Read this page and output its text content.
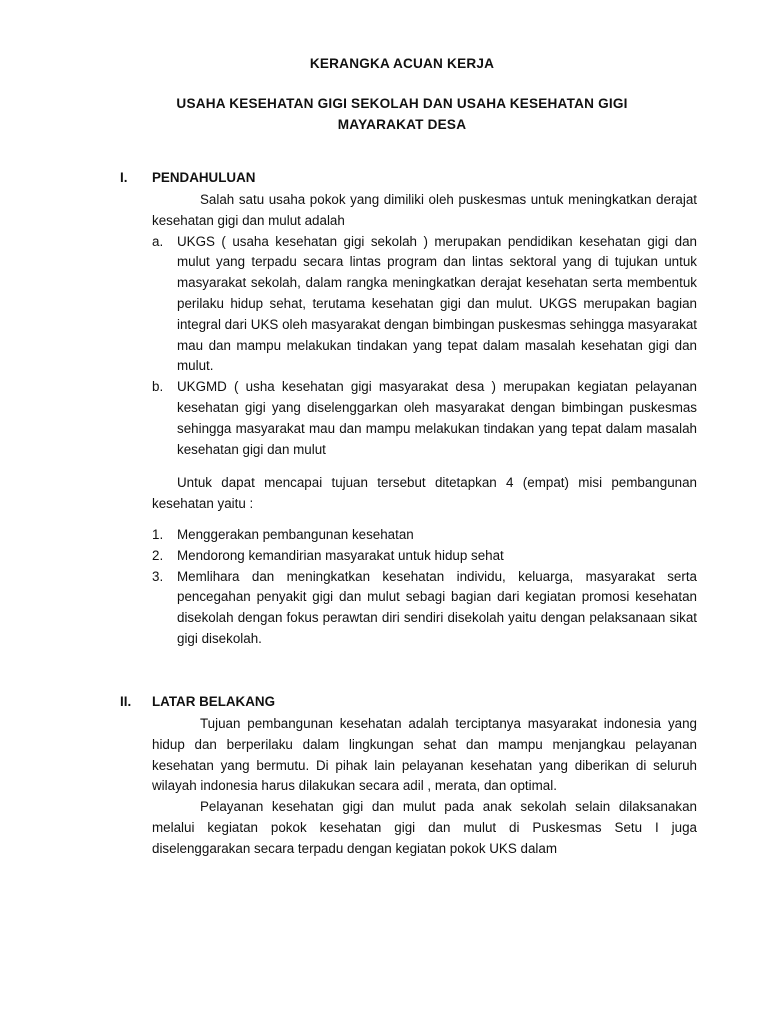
KERANGKA ACUAN KERJA

USAHA KESEHATAN GIGI SEKOLAH DAN USAHA KESEHATAN GIGI

MAYARAKAT DESA

I. PENDAHULUAN

Salah satu usaha pokok yang dimiliki oleh puskesmas untuk meningkatkan derajat kesehatan gigi dan mulut adalah

a.	UKGS ( usaha kesehatan gigi sekolah ) merupakan pendidikan kesehatan gigi dan mulut yang terpadu secara lintas program dan lintas sektoral yang di tujukan untuk masyarakat sekolah, dalam rangka meningkatkan derajat kesehatan serta membentuk perilaku hidup sehat, terutama kesehatan gigi dan mulut. UKGS merupakan bagian integral dari UKS oleh masyarakat dengan bimbingan puskesmas sehingga masyarakat mau dan mampu melakukan tindakan yang tepat dalam masalah kesehatan gigi dan mulut.
b.	UKGMD ( usha kesehatan gigi masyarakat desa ) merupakan kegiatan pelayanan kesehatan gigi yang diselenggarkan oleh masyarakat dengan bimbingan puskesmas sehingga masyarakat mau dan mampu melakukan tindakan yang tepat dalam masalah kesehatan gigi dan mulut

Untuk dapat mencapai tujuan tersebut ditetapkan 4 (empat) misi pembangunan kesehatan yaitu :

1.	Menggerakan pembangunan kesehatan
2.	Mendorong kemandirian masyarakat untuk hidup sehat
3.	Memlihara dan meningkatkan kesehatan individu, keluarga, masyarakat serta pencegahan penyakit gigi dan mulut sebagi bagian dari kegiatan promosi kesehatan disekolah dengan fokus perawtan diri sendiri disekolah yaitu dengan pelaksanaan sikat gigi disekolah.
II. LATAR BELAKANG

Tujuan pembangunan kesehatan adalah terciptanya masyarakat indonesia yang hidup dan berperilaku dalam lingkungan sehat dan mampu menjangkau pelayanan kesehatan yang bermutu. Di pihak lain pelayanan kesehatan yang diberikan di seluruh wilayah indonesia harus dilakukan secara adil , merata, dan optimal.

Pelayanan kesehatan gigi dan mulut pada anak sekolah selain dilaksanakan melalui kegiatan pokok kesehatan gigi dan mulut di Puskesmas Setu I juga diselenggarakan secara terpadu dengan kegiatan pokok UKS dalam
